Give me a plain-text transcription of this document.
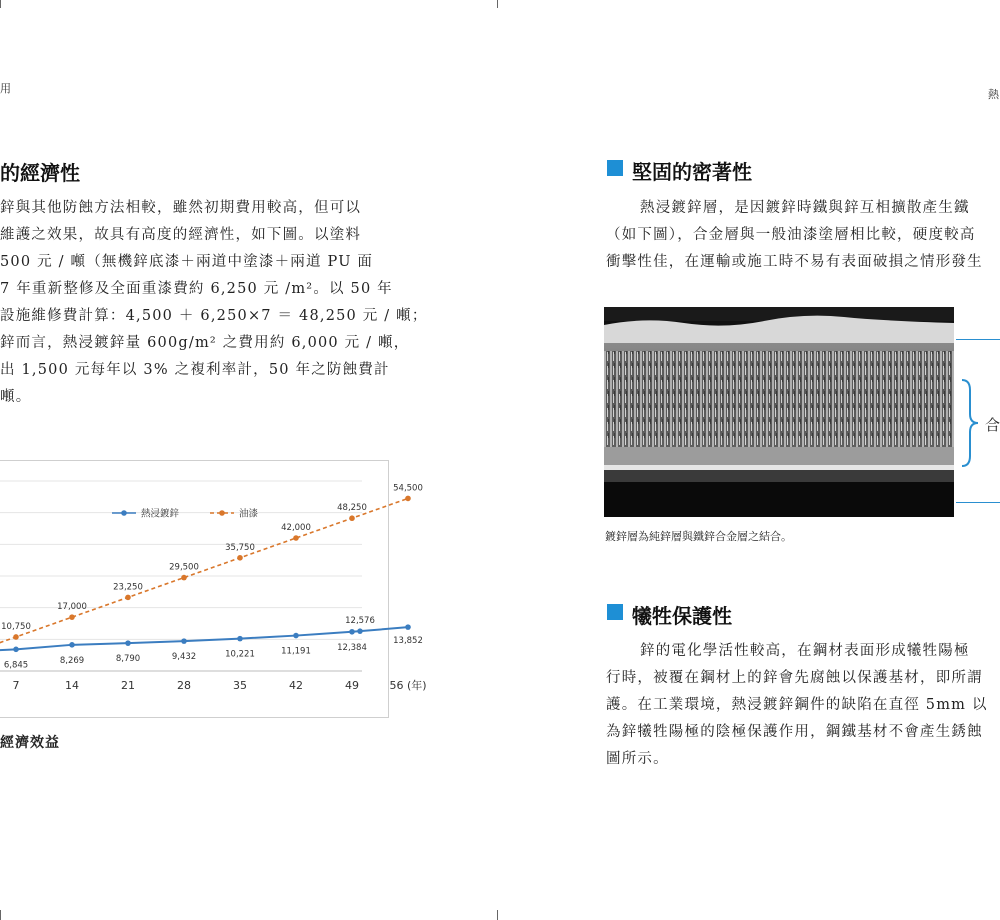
用
的經濟性
鋅與其他防蝕方法相較，雖然初期費用較高，但可以
維護之效果，故具有高度的經濟性，如下圖。以塗料
500 元 / 噸（無機鋅底漆＋兩道中塗漆＋兩道 PU 面
7 年重新整修及全面重漆費約 6,250 元 /m²。以 50 年
設施維修費計算：4,500 ＋ 6,250×7 ＝ 48,250 元 / 噸；
鋅而言，熱浸鍍鋅量 600g/m² 之費用約 6,000 元 / 噸，
出 1,500 元每年以 3% 之複利率計，50 年之防蝕費計
噸。
7	14	21	28	35	42	49	56 (年)
6,845	8,269	8,790	9,432	10,221	11,191	12,384
12,576
13,852
10,750
17,000
23,250
29,500
35,750
42,000
48,250
54,500
熱浸鍍鋅	油漆
經濟效益
熱
堅固的密著性
熱浸鍍鋅層，是因鍍鋅時鐵與鋅互相擴散產生鐵
（如下圖），合金層與一般油漆塗層相比較，硬度較高
衝擊性佳，在運輸或施工時不易有表面破損之情形發生
合
鍍鋅層為純鋅層與鐵鋅合金層之結合。
犧牲保護性
鋅的電化學活性較高，在鋼材表面形成犧牲陽極
行時，被覆在鋼材上的鋅會先腐蝕以保護基材，即所謂
護。在工業環境，熱浸鍍鋅鋼件的缺陷在直徑 5mm 以
為鋅犧牲陽極的陰極保護作用，鋼鐵基材不會產生銹蝕
圖所示。
